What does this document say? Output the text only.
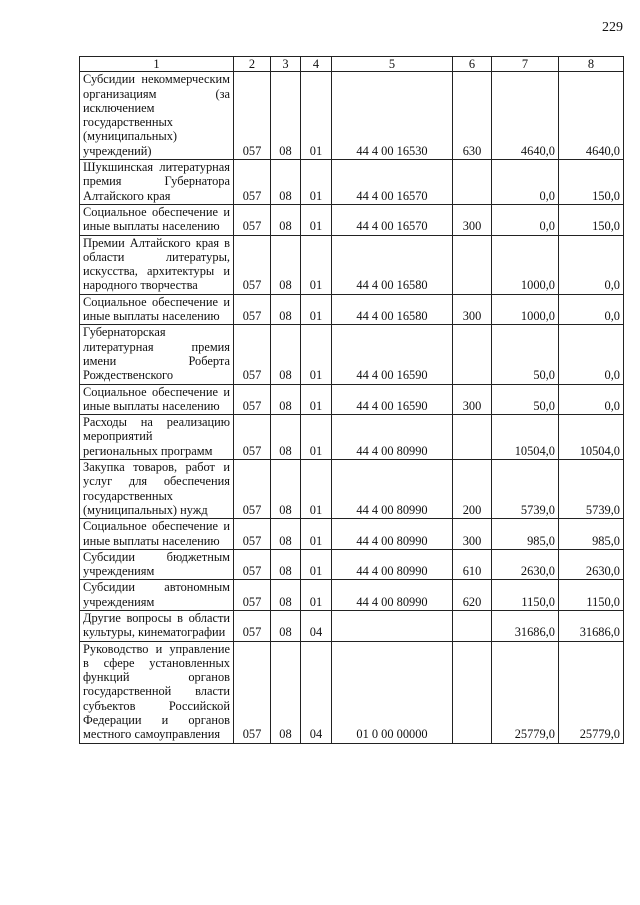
229
1	2	3	4	5	6	7	8
Субсидии некоммерческим организациям (за исключением государственных (муниципальных) учреждений)	057	08	01	44 4 00 16530	630	4640,0	4640,0
Шукшинская литературная премия Губернатора Алтайского края	057	08	01	44 4 00 16570		0,0	150,0
Социальное обеспечение и иные выплаты населению	057	08	01	44 4 00 16570	300	0,0	150,0
Премии Алтайского края в области литературы, искусства, архитектуры и народного творчества	057	08	01	44 4 00 16580		1000,0	0,0
Социальное обеспечение и иные выплаты населению	057	08	01	44 4 00 16580	300	1000,0	0,0
Губернаторская литературная премия имени Роберта Рождественского	057	08	01	44 4 00 16590		50,0	0,0
Социальное обеспечение и иные выплаты населению	057	08	01	44 4 00 16590	300	50,0	0,0
Расходы на реализацию мероприятий региональных программ	057	08	01	44 4 00 80990		10504,0	10504,0
Закупка товаров, работ и услуг для обеспечения государственных (муниципальных) нужд	057	08	01	44 4 00 80990	200	5739,0	5739,0
Социальное обеспечение и иные выплаты населению	057	08	01	44 4 00 80990	300	985,0	985,0
Субсидии бюджетным учреждениям	057	08	01	44 4 00 80990	610	2630,0	2630,0
Субсидии автономным учреждениям	057	08	01	44 4 00 80990	620	1150,0	1150,0
Другие вопросы в области культуры, кинематографии	057	08	04			31686,0	31686,0
Руководство и управление в сфере установленных функций органов государственной власти субъектов Российской Федерации и органов местного самоуправления	057	08	04	01 0 00 00000		25779,0	25779,0
